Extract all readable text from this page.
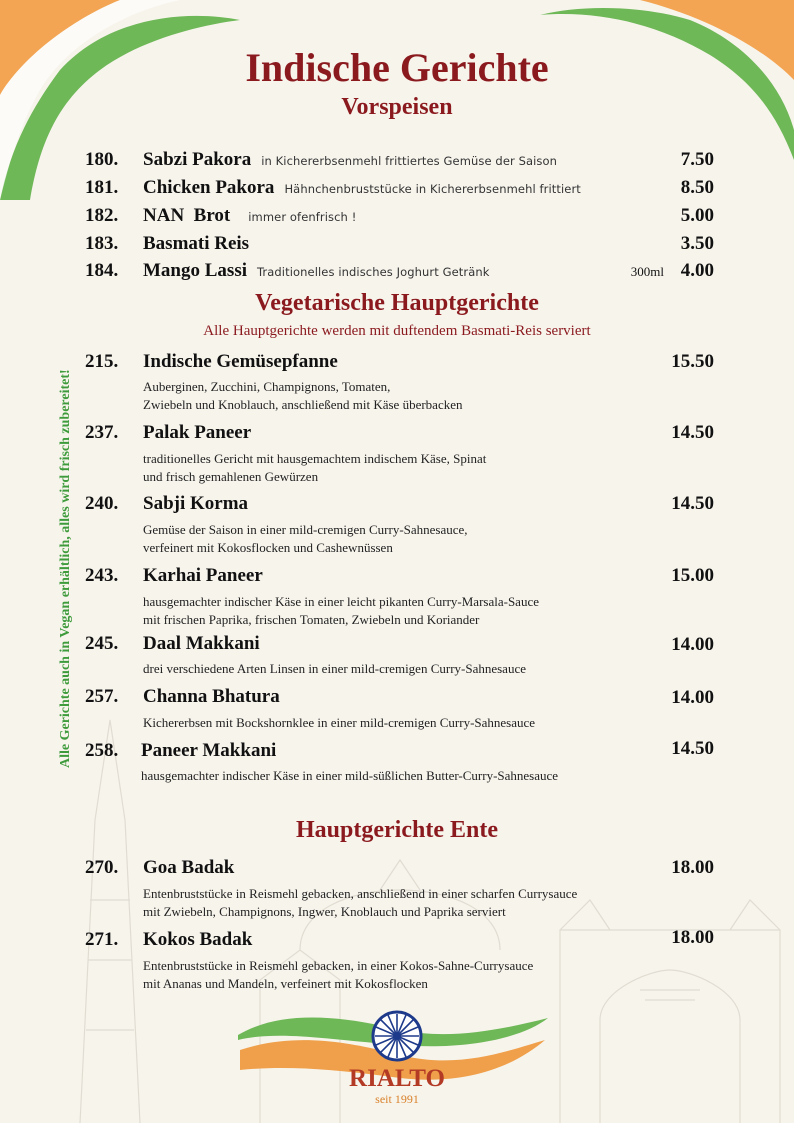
Indische Gerichte
Vorspeisen
180. Sabzi Pakora in Kichererbsenmehl frittiertes Gemüse der Saison	7.50
181. Chicken Pakora Hähnchenbruststücke in Kichererbsenmehl frittiert	8.50
182. NAN  Brot immer ofenfrisch !	5.00
183. Basmati Reis	3.50
184. Mango Lassi Traditionelles indisches Joghurt Getränk	300ml 4.00
Vegetarische Hauptgerichte
Alle Hauptgerichte werden mit duftendem Basmati-Reis serviert
215. Indische Gemüsepfanne	15.50
Auberginen, Zucchini, Champignons, Tomaten,
Zwiebeln und Knoblauch, anschließend mit Käse überbacken
237. Palak Paneer	14.50
traditionelles Gericht mit hausgemachtem indischem Käse, Spinat
und frisch gemahlenen Gewürzen
240. Sabji Korma	14.50
Gemüse der Saison in einer mild-cremigen Curry-Sahnesauce,
verfeinert mit Kokosflocken und Cashewnüssen
243. Karhai Paneer	15.00
hausgemachter indischer Käse in einer leicht pikanten Curry-Marsala-Sauce
mit frischen Paprika, frischen Tomaten, Zwiebeln und Koriander
245. Daal Makkani	14.00
drei verschiedene Arten Linsen in einer mild-cremigen Curry-Sahnesauce
257. Channa Bhatura	14.00
Kichererbsen mit Bockshornklee in einer mild-cremigen Curry-Sahnesauce
258. Paneer Makkani	14.50
hausgemachter indischer Käse in einer mild-süßlichen Butter-Curry-Sahnesauce
Hauptgerichte Ente
270. Goa Badak	18.00
Entenbruststücke in Reismehl gebacken, anschließend in einer scharfen Currysauce
mit Zwiebeln, Champignons, Ingwer, Knoblauch und Paprika serviert
271. Kokos Badak	18.00
Entenbruststücke in Reismehl gebacken, in einer Kokos-Sahne-Currysauce
mit Ananas und Mandeln, verfeinert mit Kokosflocken
Alle Gerichte auch in Vegan erhältlich, alles wird frisch zubereitet!
RIALTO
seit 1991
